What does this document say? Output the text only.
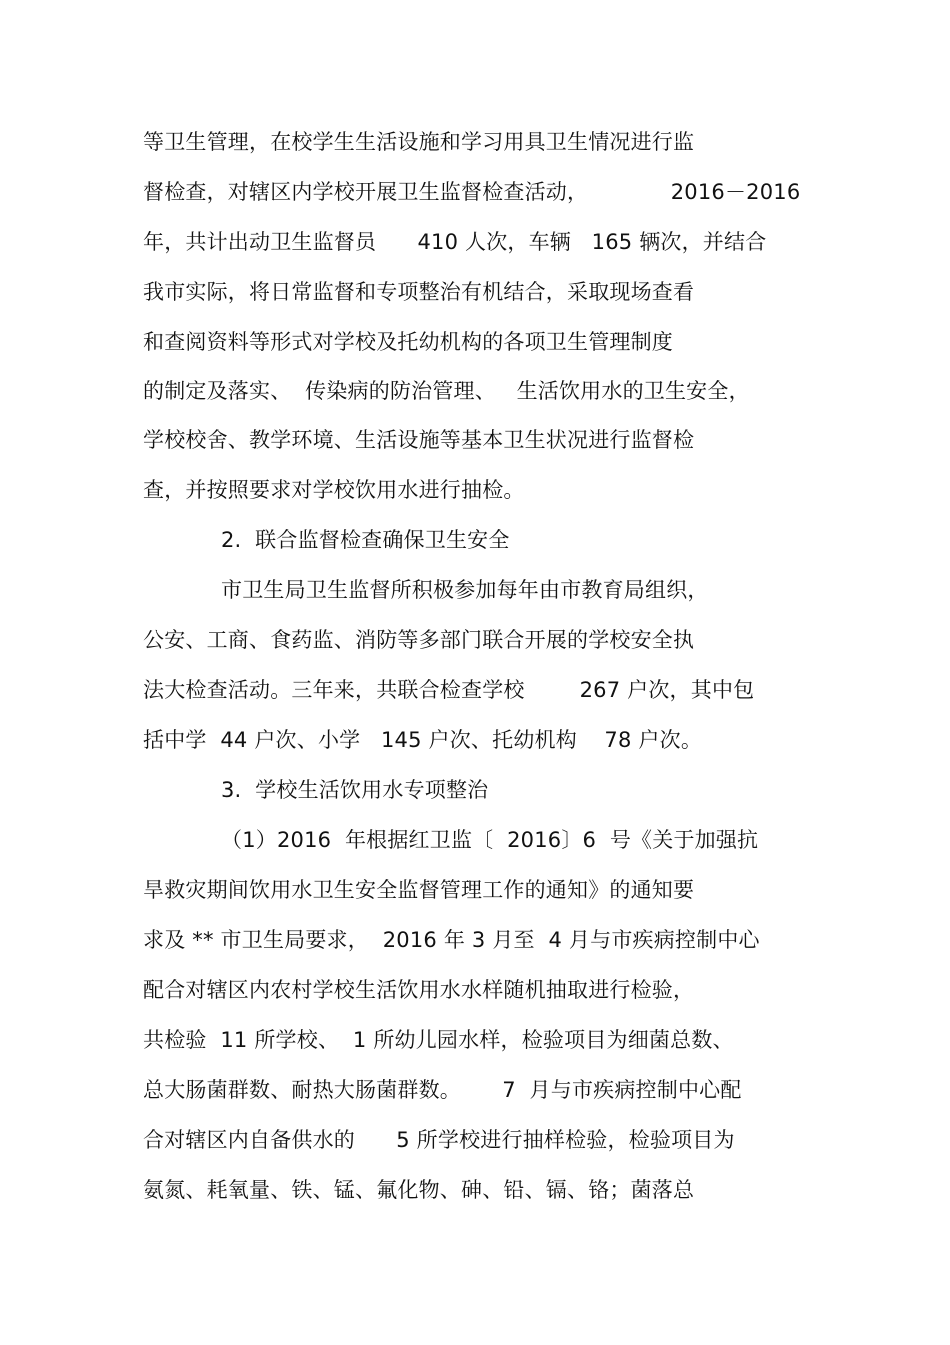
等卫生管理，在校学生生活设施和学习用具卫生情况进行监
督检查，对辖区内学校开展卫生监督检查活动，            2016－2016
年，共计出动卫生监督员      410 人次，车辆   165 辆次，并结合
我市实际，将日常监督和专项整治有机结合，采取现场查看
和查阅资料等形式对学校及托幼机构的各项卫生管理制度
的制定及落实、  传染病的防治管理、   生活饮用水的卫生安全，
学校校舍、教学环境、生活设施等基本卫生状况进行监督检
查，并按照要求对学校饮用水进行抽检。
2.  联合监督检查确保卫生安全
市卫生局卫生监督所积极参加每年由市教育局组织，
公安、工商、食药监、消防等多部门联合开展的学校安全执
法大检查活动。三年来，共联合检查学校        267 户次，其中包
括中学  44 户次、小学   145 户次、托幼机构    78 户次。
3.  学校生活饮用水专项整治
（1）2016  年根据红卫监〔  2016〕6  号《关于加强抗
旱救灾期间饮用水卫生安全监督管理工作的通知》的通知要
求及 ** 市卫生局要求，  2016 年 3 月至  4 月与市疾病控制中心
配合对辖区内农村学校生活饮用水水样随机抽取进行检验，
共检验  11 所学校、  1 所幼儿园水样，检验项目为细菌总数、
总大肠菌群数、耐热大肠菌群数。      7  月与市疾病控制中心配
合对辖区内自备供水的      5 所学校进行抽样检验，检验项目为
氨氮、耗氧量、铁、锰、氟化物、砷、铅、镉、铬；菌落总
